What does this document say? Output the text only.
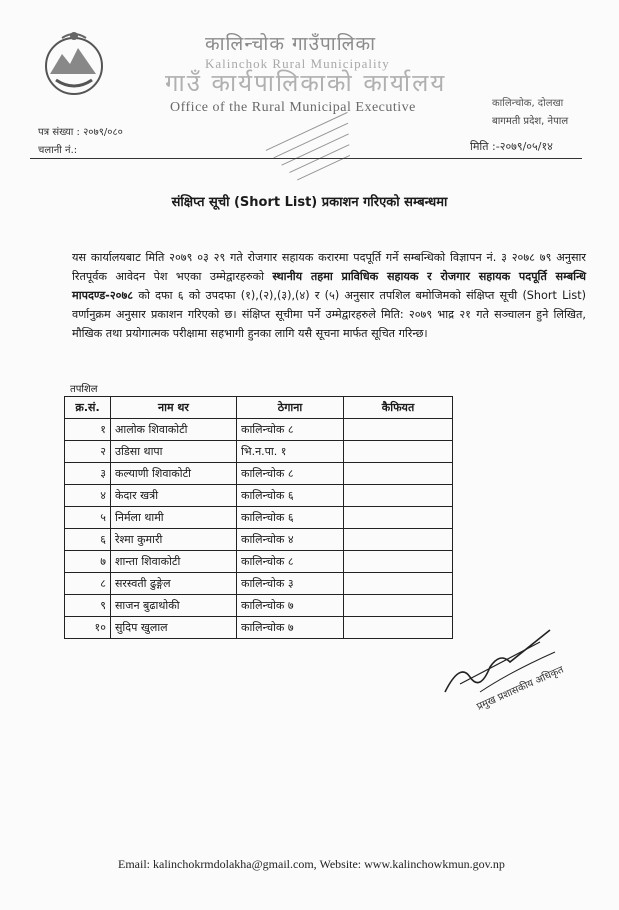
कालिन्चोक गाउँपालिका
Kalinchok Rural Municipality
गाउँ कार्यपालिकाको कार्यालय
Office of the Rural Municipal Executive	कालिन्चोक, दोलखा
बागमती प्रदेश, नेपाल
पत्र संख्या : २०७९/०८०
चलानी नं.:	मिति :-२०७९/०५/१४
संक्षिप्त सूची (Short List) प्रकाशन गरिएको सम्बन्धमा
यस कार्यालयबाट मिति २०७९ ०३ २९ गते रोजगार सहायक करारमा पदपूर्ति गर्ने सम्बन्धिको विज्ञापन नं. ३ २०७८ ७९ अनुसार रितपूर्वक आवेदन पेश भएका उम्मेद्वारहरुको स्थानीय तहमा प्राविधिक सहायक र रोजगार सहायक पदपूर्ति सम्बन्धि मापदण्ड-२०७८ को दफा ६ को उपदफा (१),(२),(३),(४) र (५) अनुसार तपशिल बमोजिमको संक्षिप्त सूची (Short List) वर्णानुक्रम अनुसार प्रकाशन गरिएको छ। संक्षिप्त सूचीमा पर्ने उम्मेद्वारहरुले मिति: २०७९ भाद्र २१ गते सञ्चालन हुने लिखित, मौखिक तथा प्रयोगात्मक परीक्षामा सहभागी हुनका लागि यसै सूचना मार्फत सूचित गरिन्छ।
तपशिल
क्र.सं.	नाम थर	ठेगाना	कैफियत
१	आलोक शिवाकोटी	कालिन्चोक ८	
२	उडिसा थापा	भि.न.पा. १	
३	कल्याणी शिवाकोटी	कालिन्चोक ८	
४	केदार खत्री	कालिन्चोक ६	
५	निर्मला थामी	कालिन्चोक ६	
६	रेश्मा कुमारी	कालिन्चोक ४	
७	शान्ता शिवाकोटी	कालिन्चोक ८	
८	सरस्वती ढुङ्गेल	कालिन्चोक ३	
९	साजन बुढाथोकी	कालिन्चोक ७	
१०	सुदिप खुलाल	कालिन्चोक ७	
प्रमुख प्रशासकीय अधिकृत
Email: kalinchokrmdolakha@gmail.com, Website: www.kalinchowkmun.gov.np
